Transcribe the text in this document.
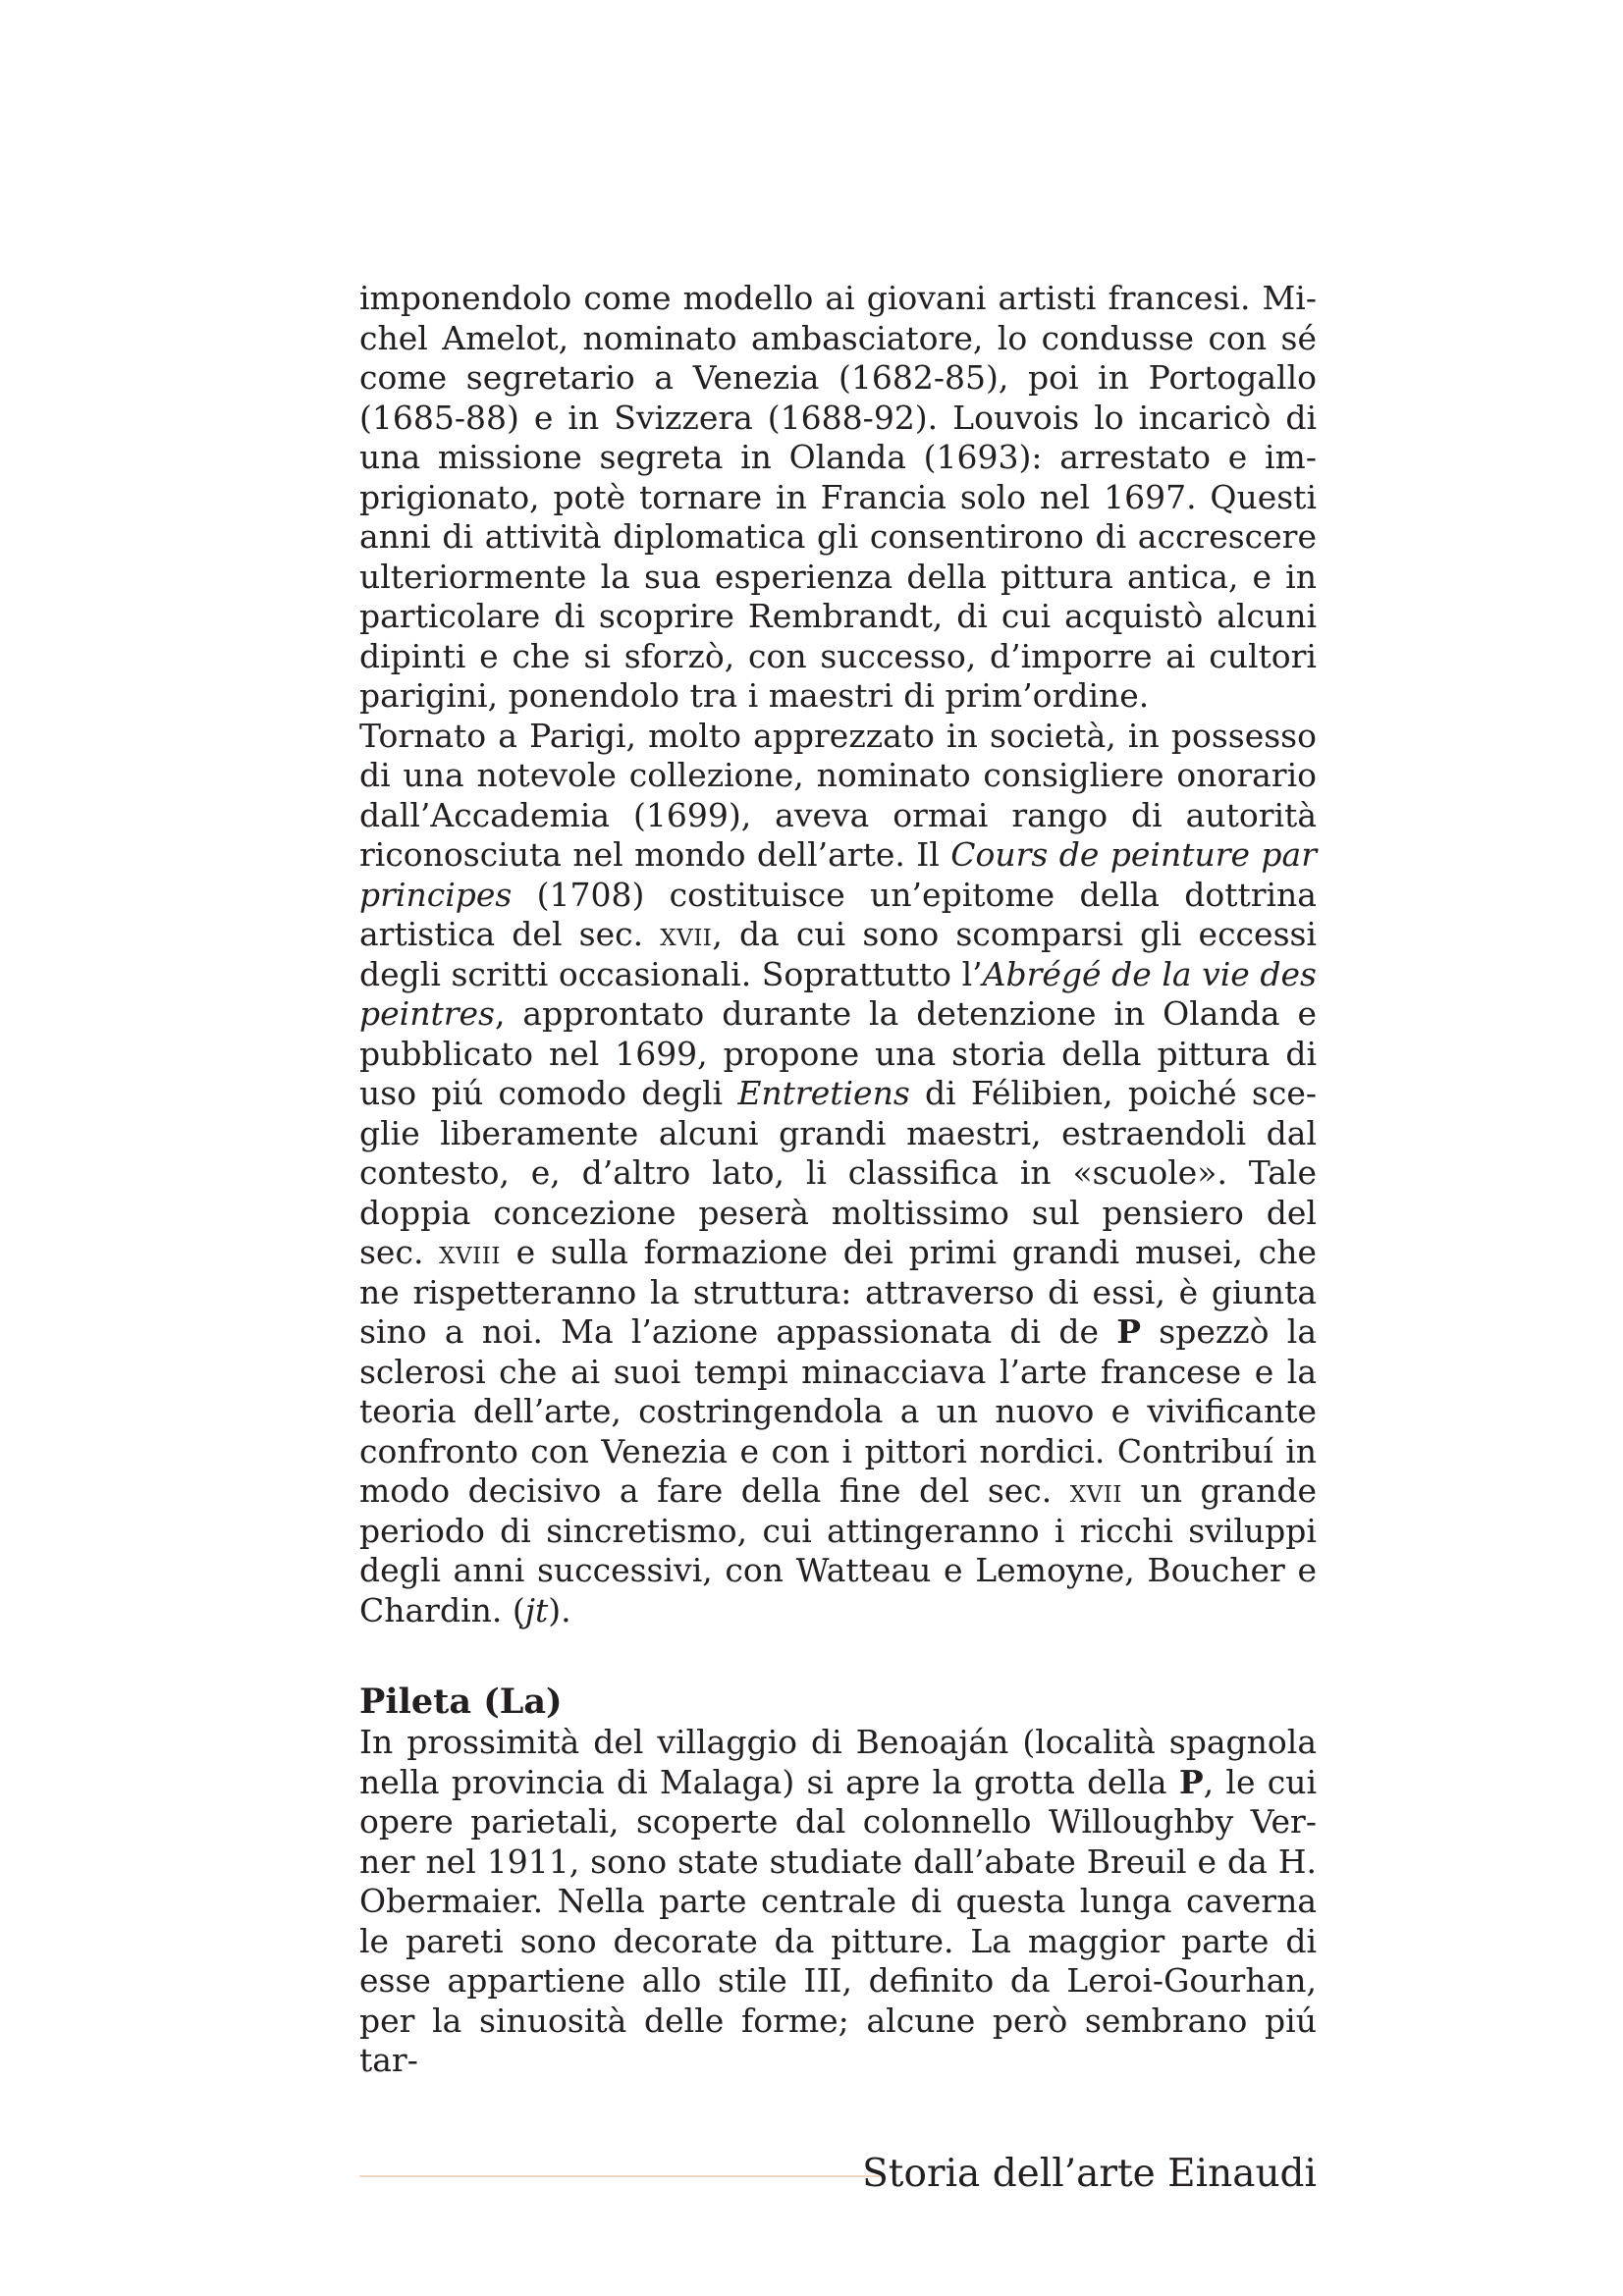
imponendolo come modello ai giovani artisti francesi. Michel Amelot, nominato ambasciatore, lo condusse con sé come segretario a Venezia (1682-85), poi in Portogallo (1685-88) e in Svizzera (1688-92). Louvois lo incaricò di una missione segreta in Olanda (1693): arrestato e imprigionato, potè tornare in Francia solo nel 1697. Questi anni di attività diplomatica gli consentirono di accrescere ulteriormente la sua esperienza della pittura antica, e in particolare di scoprire Rembrandt, di cui acquistò alcuni dipinti e che si sforzò, con successo, d’imporre ai cultori parigini, ponendolo tra i maestri di prim’ordine.

Tornato a Parigi, molto apprezzato in società, in possesso di una notevole collezione, nominato consigliere onorario dall’Accademia (1699), aveva ormai rango di autorità riconosciuta nel mondo dell’arte. Il Cours de peinture par principes (1708) costituisce un’epitome della dottrina artistica del sec. xvii, da cui sono scomparsi gli eccessi degli scritti occasionali. Soprattutto l’Abrégé de la vie des peintres, approntato durante la detenzione in Olanda e pubblicato nel 1699, propone una storia della pittura di uso piú comodo degli Entretiens di Félibien, poiché sceglie liberamente alcuni grandi maestri, estraendoli dal contesto, e, d’altro lato, li classifica in «scuole». Tale doppia concezione peserà moltissimo sul pensiero del sec. xviii e sulla formazione dei primi grandi musei, che ne rispetteranno la struttura: attraverso di essi, è giunta sino a noi. Ma l’azione appassionata di de P spezzò la sclerosi che ai suoi tempi minacciava l’arte francese e la teoria dell’arte, costringendola a un nuovo e vivificante confronto con Venezia e con i pittori nordici. Contribuí in modo decisivo a fare della fine del sec. xvii un grande periodo di sincretismo, cui attingeranno i ricchi sviluppi degli anni successivi, con Watteau e Lemoyne, Boucher e Chardin. (jt).

Pileta (La)

In prossimità del villaggio di Benoaján (località spagnola nella provincia di Malaga) si apre la grotta della P, le cui opere parietali, scoperte dal colonnello Willoughby Verner nel 1911, sono state studiate dall’abate Breuil e da H. Obermaier. Nella parte centrale di questa lunga caverna le pareti sono decorate da pitture. La maggior parte di esse appartiene allo stile III, definito da Leroi-Gourhan, per la sinuosità delle forme; alcune però sembrano piú tar-

Storia dell’arte Einaudi
